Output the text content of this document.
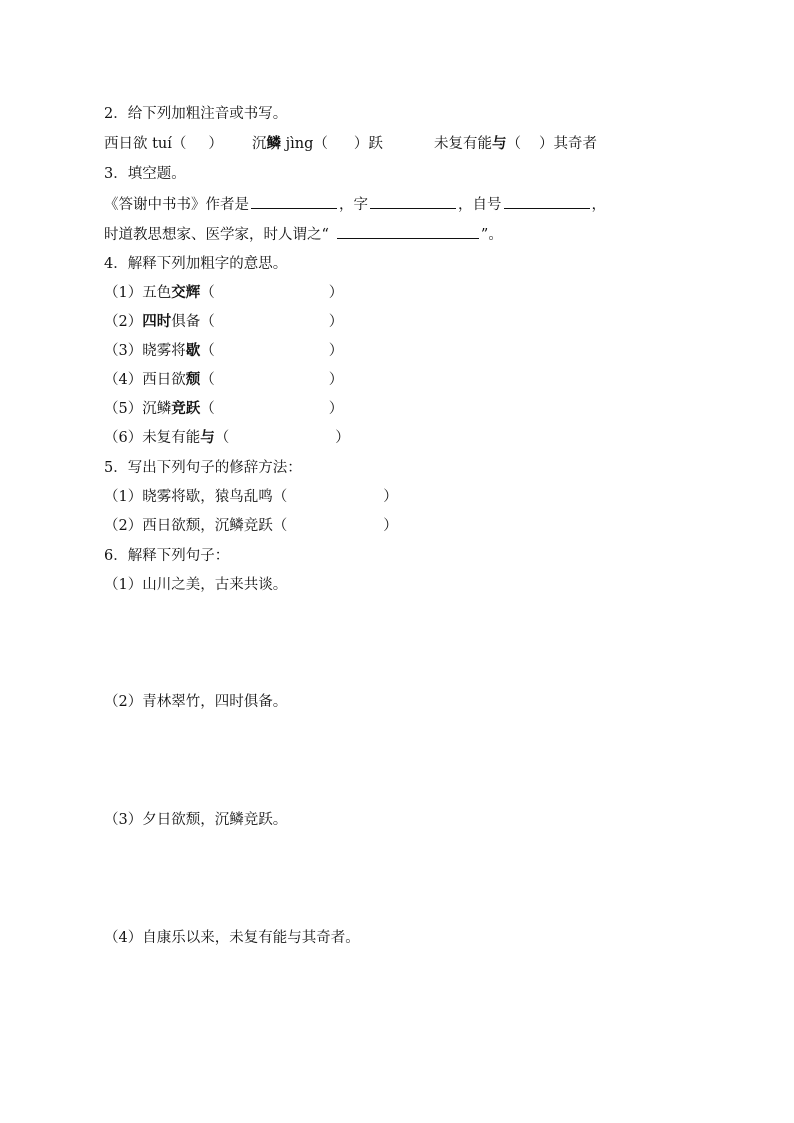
2．给下列加粗注音或书写。
西日欲 tuí（ ） 沉鳞 jìng（ ）跃	未复有能与（ ）其奇者
3．填空题。
《答谢中书书》作者是	，字	，自号	，
时道教思想家、医学家，时人谓之“	”。
4．解释下列加粗字的意思。
（1）五色交辉（	）
（2）四时俱备（	）
（3）晓雾将歇（	）
（4）西日欲颓（	）
（5）沉鳞竞跃（	）
（6）未复有能与（	）
5．写出下列句子的修辞方法：
（1）晓雾将歇，猿鸟乱鸣（	）
（2）西日欲颓，沉鳞竞跃（	）
6．解释下列句子：
（1）山川之美，古来共谈。
（2）青林翠竹，四时俱备。
（3）夕日欲颓，沉鳞竞跃。
（4）自康乐以来，未复有能与其奇者。
